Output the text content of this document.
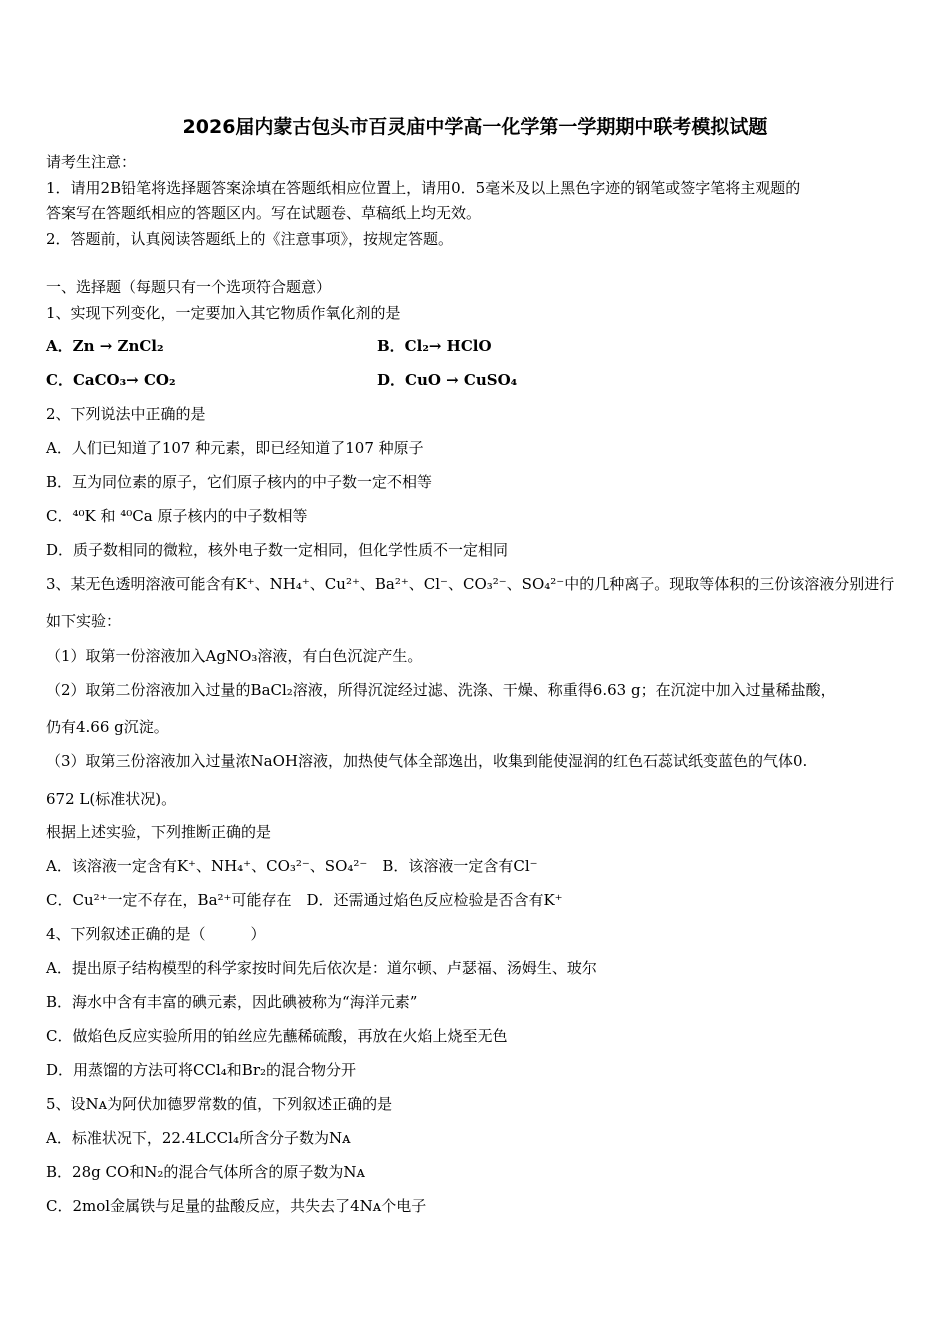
2026届内蒙古包头市百灵庙中学高一化学第一学期期中联考模拟试题
请考生注意：
1．请用2B铅笔将选择题答案涂填在答题纸相应位置上，请用0．5毫米及以上黑色字迹的钢笔或签字笔将主观题的
答案写在答题纸相应的答题区内。写在试题卷、草稿纸上均无效。
2．答题前，认真阅读答题纸上的《注意事项》，按规定答题。
一、选择题（每题只有一个选项符合题意）
1、实现下列变化，一定要加入其它物质作氧化剂的是
A．Zn → ZnCl₂	B．Cl₂→ HClO
C．CaCO₃→ CO₂	D．CuO → CuSO₄
2、下列说法中正确的是
A．人们已知道了107 种元素，即已经知道了107 种原子
B．互为同位素的原子，它们原子核内的中子数一定不相等
C．⁴⁰K 和 ⁴⁰Ca 原子核内的中子数相等
D．质子数相同的微粒，核外电子数一定相同，但化学性质不一定相同
3、某无色透明溶液可能含有K⁺、NH₄⁺、Cu²⁺、Ba²⁺、Cl⁻、CO₃²⁻、SO₄²⁻中的几种离子。现取等体积的三份该溶液分别进行
如下实验：
（1）取第一份溶液加入AgNO₃溶液，有白色沉淀产生。
（2）取第二份溶液加入过量的BaCl₂溶液，所得沉淀经过滤、洗涤、干燥、称重得6.63 g；在沉淀中加入过量稀盐酸，
仍有4.66 g沉淀。
（3）取第三份溶液加入过量浓NaOH溶液，加热使气体全部逸出，收集到能使湿润的红色石蕊试纸变蓝色的气体0.
672 L(标准状况)。
根据上述实验，下列推断正确的是
A．该溶液一定含有K⁺、NH₄⁺、CO₃²⁻、SO₄²⁻　B．该溶液一定含有Cl⁻
C．Cu²⁺一定不存在，Ba²⁺可能存在　D．还需通过焰色反应检验是否含有K⁺
4、下列叙述正确的是（　　　）
A．提出原子结构模型的科学家按时间先后依次是：道尔顿、卢瑟福、汤姆生、玻尔
B．海水中含有丰富的碘元素，因此碘被称为“海洋元素”
C．做焰色反应实验所用的铂丝应先蘸稀硫酸，再放在火焰上烧至无色
D．用蒸馏的方法可将CCl₄和Br₂的混合物分开
5、设Nᴀ为阿伏加德罗常数的值，下列叙述正确的是
A．标准状况下，22.4LCCl₄所含分子数为Nᴀ
B．28g CO和N₂的混合气体所含的原子数为Nᴀ
C．2mol金属铁与足量的盐酸反应，共失去了4Nᴀ个电子
